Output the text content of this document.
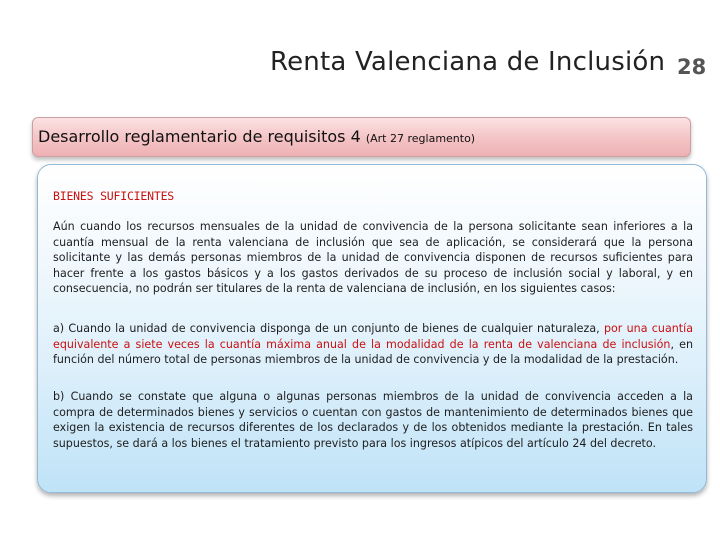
Renta Valenciana de Inclusión 28
Desarrollo reglamentario de requisitos 4 (Art 27 reglamento)
BIENES SUFICIENTES
Aún cuando los recursos mensuales de la unidad de convivencia de la persona solicitante sean inferiores a la cuantía mensual de la renta valenciana de inclusión que sea de aplicación, se considerará que la persona solicitante y las demás personas miembros de la unidad de convivencia disponen de recursos suficientes para hacer frente a los gastos básicos y a los gastos derivados de su proceso de inclusión social y laboral, y en consecuencia, no podrán ser titulares de la renta de valenciana de inclusión, en los siguientes casos:
a) Cuando la unidad de convivencia disponga de un conjunto de bienes de cualquier naturaleza, por una cuantía equivalente a siete veces la cuantía máxima anual de la modalidad de la renta de valenciana de inclusión, en función del número total de personas miembros de la unidad de convivencia y de la modalidad de la prestación.
b) Cuando se constate que alguna o algunas personas miembros de la unidad de convivencia acceden a la compra de determinados bienes y servicios o cuentan con gastos de mantenimiento de determinados bienes que exigen la existencia de recursos diferentes de los declarados y de los obtenidos mediante la prestación. En tales supuestos, se dará a los bienes el tratamiento previsto para los ingresos atípicos del artículo 24 del decreto.
